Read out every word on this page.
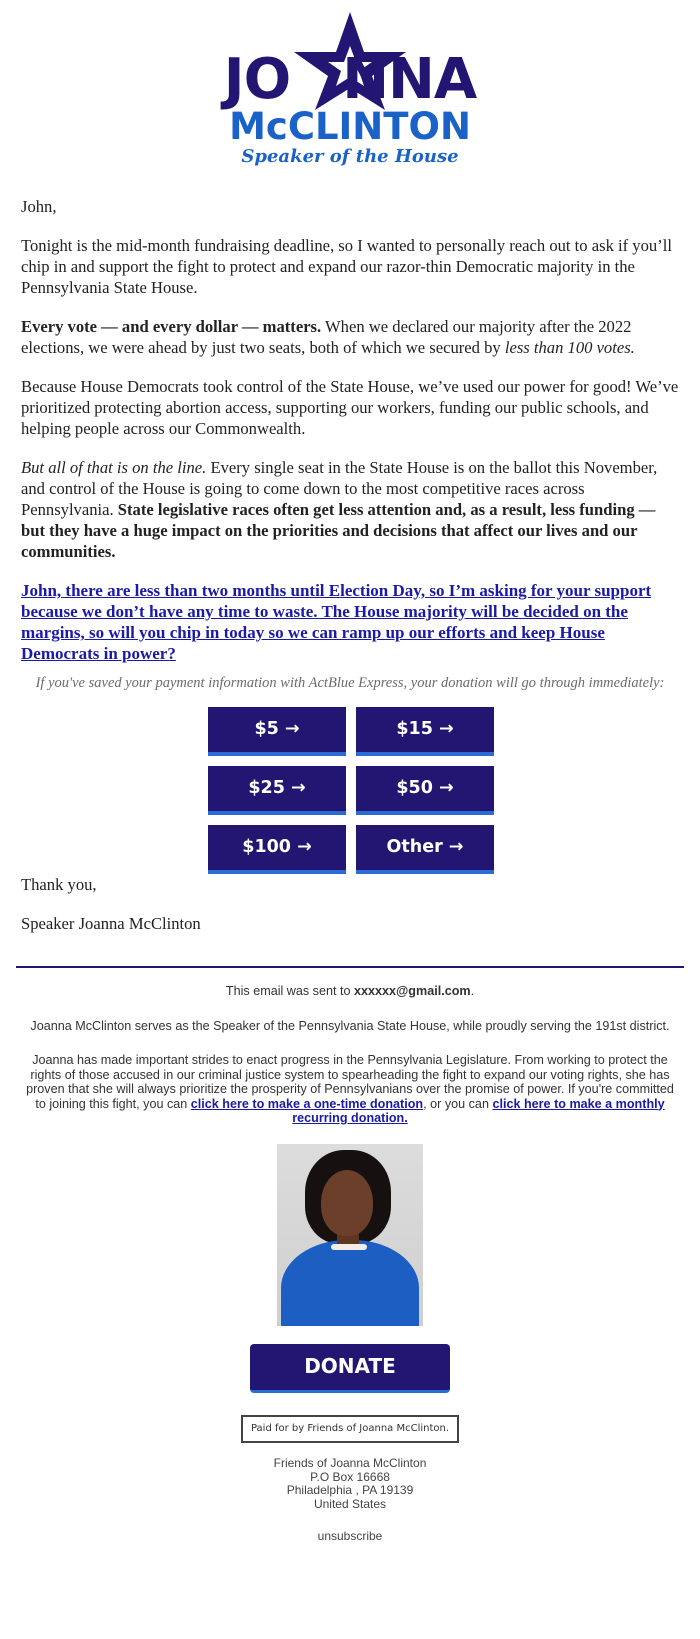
JO NNA
McCLINTON
Speaker of the House

John,

Tonight is the mid-month fundraising deadline, so I wanted to personally reach out to ask if you’ll chip in and support the fight to protect and expand our razor-thin Democratic majority in the Pennsylvania State House.

Every vote — and every dollar — matters. When we declared our majority after the 2022 elections, we were ahead by just two seats, both of which we secured by less than 100 votes.

Because House Democrats took control of the State House, we’ve used our power for good! We’ve prioritized protecting abortion access, supporting our workers, funding our public schools, and helping people across our Commonwealth.

But all of that is on the line. Every single seat in the State House is on the ballot this November, and control of the House is going to come down to the most competitive races across Pennsylvania. State legislative races often get less attention and, as a result, less funding — but they have a huge impact on the priorities and decisions that affect our lives and our communities.

John, there are less than two months until Election Day, so I’m asking for your support because we don’t have any time to waste. The House majority will be decided on the margins, so will you chip in today so we can ramp up our efforts and keep House Democrats in power?

If you've saved your payment information with ActBlue Express, your donation will go through immediately:

$5 →	$15 →
$25 →	$50 →
$100 →	Other →

Thank you,

Speaker Joanna McClinton

This email was sent to xxxxxx@gmail.com.

Joanna McClinton serves as the Speaker of the Pennsylvania State House, while proudly serving the 191st district.

Joanna has made important strides to enact progress in the Pennsylvania Legislature. From working to protect the rights of those accused in our criminal justice system to spearheading the fight to expand our voting rights, she has proven that she will always prioritize the prosperity of Pennsylvanians over the promise of power. If you're committed to joining this fight, you can click here to make a one-time donation, or you can click here to make a monthly recurring donation.

DONATE
Paid for by Friends of Joanna McClinton.
Friends of Joanna McClinton
P.O Box 16668
Philadelphia , PA 19139
United States
unsubscribe
